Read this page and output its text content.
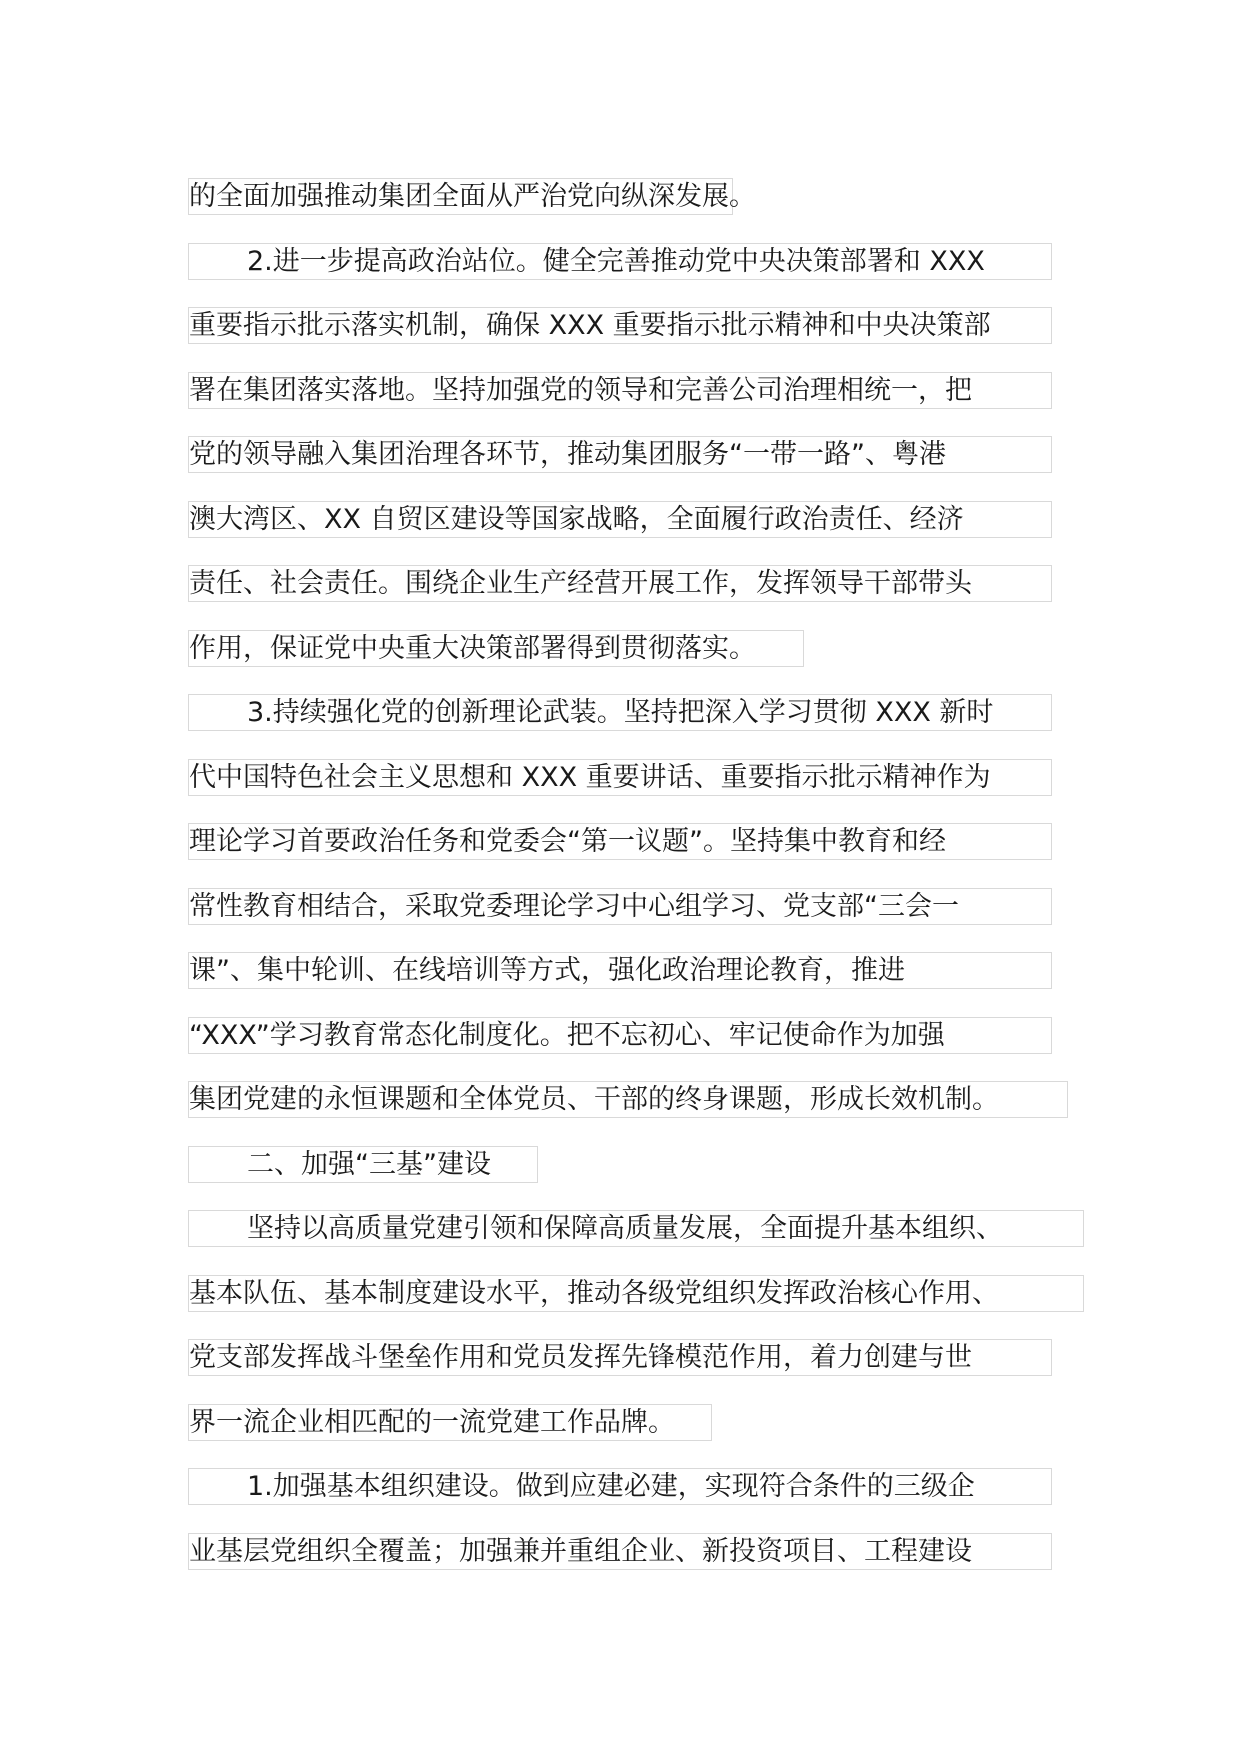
的全面加强推动集团全面从严治党向纵深发展。
2.进一步提高政治站位。健全完善推动党中央决策部署和 XXX
重要指示批示落实机制，确保 XXX 重要指示批示精神和中央决策部
署在集团落实落地。坚持加强党的领导和完善公司治理相统一，把
党的领导融入集团治理各环节，推动集团服务“一带一路”、粤港
澳大湾区、XX 自贸区建设等国家战略，全面履行政治责任、经济
责任、社会责任。围绕企业生产经营开展工作，发挥领导干部带头
作用，保证党中央重大决策部署得到贯彻落实。
3.持续强化党的创新理论武装。坚持把深入学习贯彻 XXX 新时
代中国特色社会主义思想和 XXX 重要讲话、重要指示批示精神作为
理论学习首要政治任务和党委会“第一议题”。坚持集中教育和经
常性教育相结合，采取党委理论学习中心组学习、党支部“三会一
课”、集中轮训、在线培训等方式，强化政治理论教育，推进
“XXX”学习教育常态化制度化。把不忘初心、牢记使命作为加强
集团党建的永恒课题和全体党员、干部的终身课题，形成长效机制。
二、加强“三基”建设
坚持以高质量党建引领和保障高质量发展，全面提升基本组织、
基本队伍、基本制度建设水平，推动各级党组织发挥政治核心作用、
党支部发挥战斗堡垒作用和党员发挥先锋模范作用，着力创建与世
界一流企业相匹配的一流党建工作品牌。
1.加强基本组织建设。做到应建必建，实现符合条件的三级企
业基层党组织全覆盖；加强兼并重组企业、新投资项目、工程建设
